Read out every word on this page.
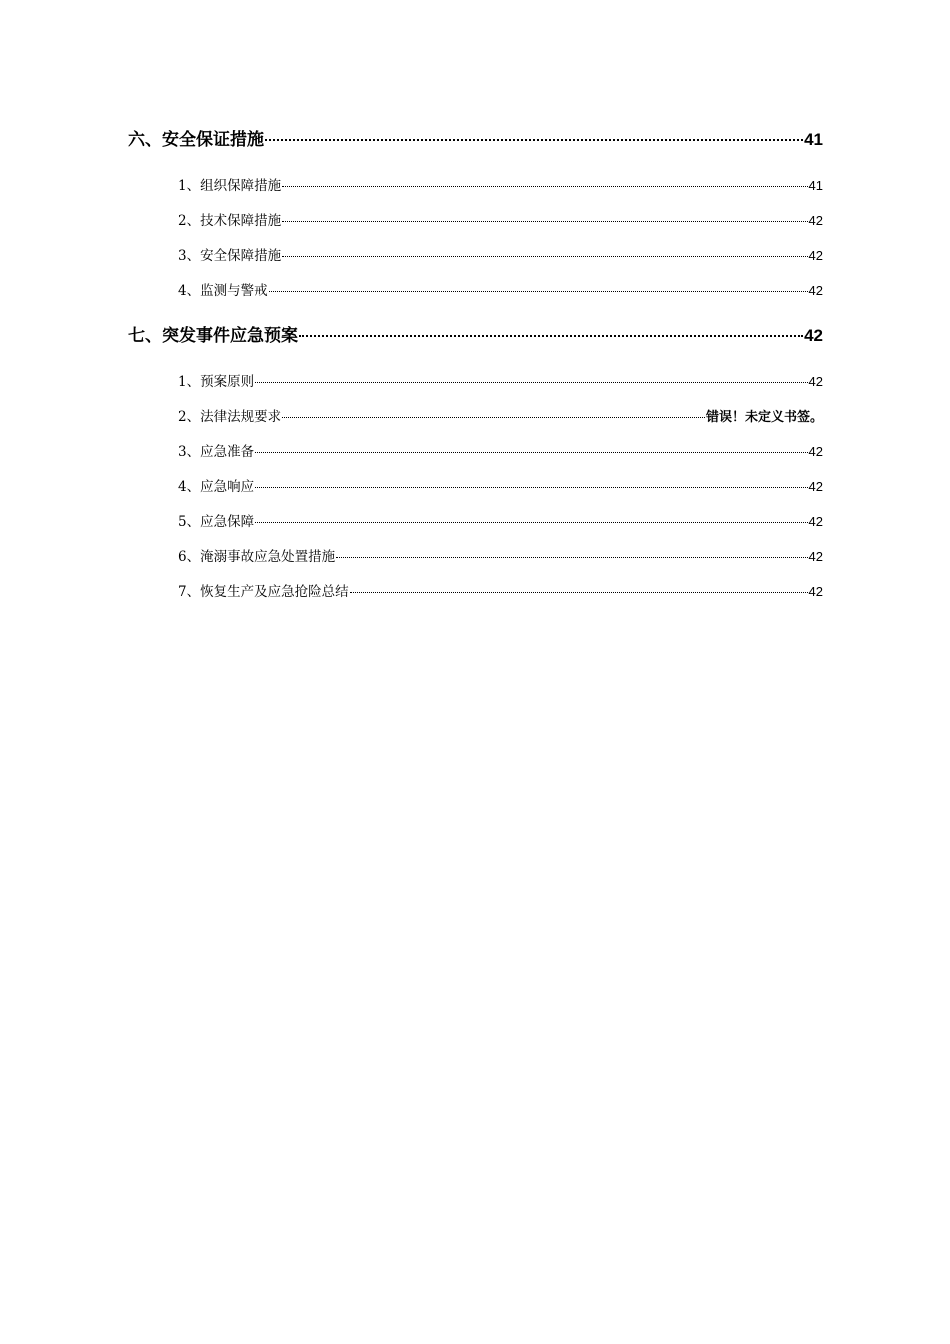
六、安全保证措施	41
1、组织保障措施	41
2、技术保障措施	42
3、安全保障措施	42
4、监测与警戒	42
七、突发事件应急预案	42
1、预案原则	42
2、法律法规要求	错误！未定义书签。
3、应急准备	42
4、应急响应	42
5、应急保障	42
6、淹溺事故应急处置措施	42
7、恢复生产及应急抢险总结	42
